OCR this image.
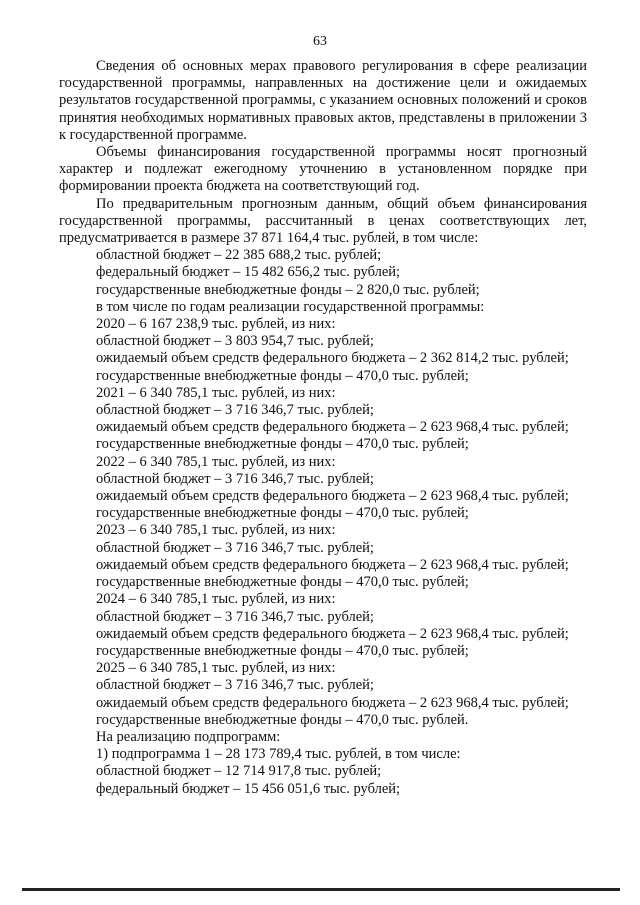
63

Сведения об основных мерах правового регулирования в сфере реализации государственной программы, направленных на достижение цели и ожидаемых результатов государственной программы, с указанием основных положений и сроков принятия необходимых нормативных правовых актов, представлены в приложении 3 к государственной программе.

Объемы финансирования государственной программы носят прогнозный характер и подлежат ежегодному уточнению в установленном порядке при формировании проекта бюджета на соответствующий год.

По предварительным прогнозным данным, общий объем финансирования государственной программы, рассчитанный в ценах соответствующих лет, предусматривается в размере 37 871 164,4 тыс. рублей, в том числе:

областной бюджет – 22 385 688,2 тыс. рублей;

федеральный бюджет – 15 482 656,2 тыс. рублей;

государственные внебюджетные фонды – 2 820,0 тыс. рублей;

в том числе по годам реализации государственной программы:

2020 – 6 167 238,9 тыс. рублей, из них:

областной бюджет – 3 803 954,7 тыс. рублей;

ожидаемый объем средств федерального бюджета – 2 362 814,2 тыс. рублей;

государственные внебюджетные фонды – 470,0 тыс. рублей;

2021 – 6 340 785,1 тыс. рублей, из них:

областной бюджет – 3 716 346,7 тыс. рублей;

ожидаемый объем средств федерального бюджета – 2 623 968,4 тыс. рублей;

государственные внебюджетные фонды – 470,0 тыс. рублей;

2022 – 6 340 785,1 тыс. рублей, из них:

областной бюджет – 3 716 346,7 тыс. рублей;

ожидаемый объем средств федерального бюджета – 2 623 968,4 тыс. рублей;

государственные внебюджетные фонды – 470,0 тыс. рублей;

2023 – 6 340 785,1 тыс. рублей, из них:

областной бюджет – 3 716 346,7 тыс. рублей;

ожидаемый объем средств федерального бюджета – 2 623 968,4 тыс. рублей;

государственные внебюджетные фонды – 470,0 тыс. рублей;

2024 – 6 340 785,1 тыс. рублей, из них:

областной бюджет – 3 716 346,7 тыс. рублей;

ожидаемый объем средств федерального бюджета – 2 623 968,4 тыс. рублей;

государственные внебюджетные фонды – 470,0 тыс. рублей;

2025 – 6 340 785,1 тыс. рублей, из них:

областной бюджет – 3 716 346,7 тыс. рублей;

ожидаемый объем средств федерального бюджета – 2 623 968,4 тыс. рублей;

государственные внебюджетные фонды – 470,0 тыс. рублей.

На реализацию подпрограмм:

1) подпрограмма 1 – 28 173 789,4 тыс. рублей, в том числе:

областной бюджет – 12 714 917,8 тыс. рублей;

федеральный бюджет – 15 456 051,6 тыс. рублей;
